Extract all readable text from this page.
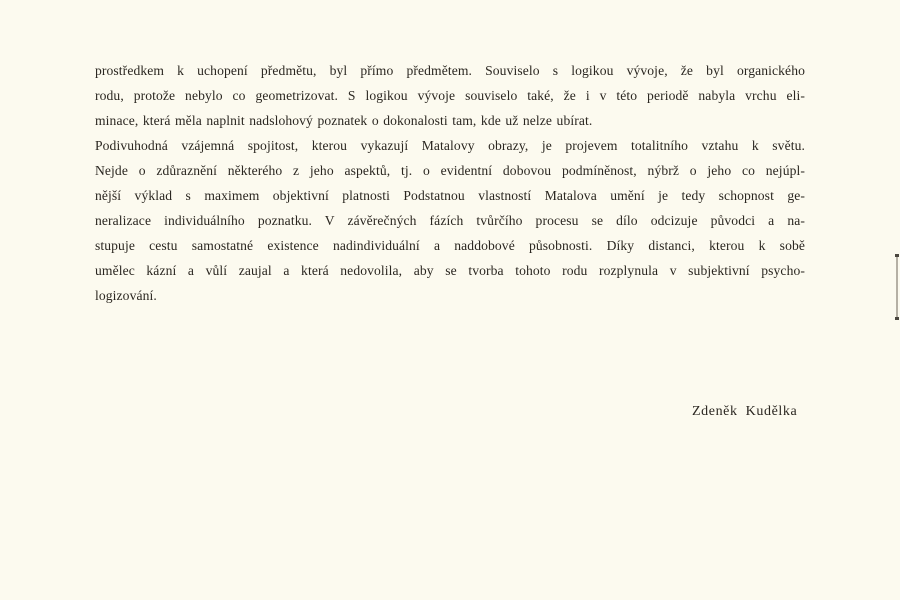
prostředkem k uchopení předmětu, byl přímo předmětem. Souviselo s logikou vývoje, že byl organického
rodu, protože nebylo co geometrizovat. S logikou vývoje souviselo také, že i v této periodě nabyla vrchu eli-
minace, která měla naplnit nadslohový poznatek o dokonalosti tam, kde už nelze ubírat.
Podivuhodná vzájemná spojitost, kterou vykazují Matalovy obrazy, je projevem totalitního vztahu k světu.
Nejde o zdůraznění některého z jeho aspektů, tj. o evidentní dobovou podmíněnost, nýbrž o jeho co nejúpl-
nější výklad s maximem objektivní platnosti Podstatnou vlastností Matalova umění je tedy schopnost ge-
neralizace individuálního poznatku. V závěrečných fázích tvůrčího procesu se dílo odcizuje původci a na-
stupuje cestu samostatné existence nadindividuální a naddobové působnosti. Díky distanci, kterou k sobě
umělec kázní a vůlí zaujal a která nedovolila, aby se tvorba tohoto rodu rozplynula v subjektivní psycho-
logizování.
Zdeněk Kudělka
